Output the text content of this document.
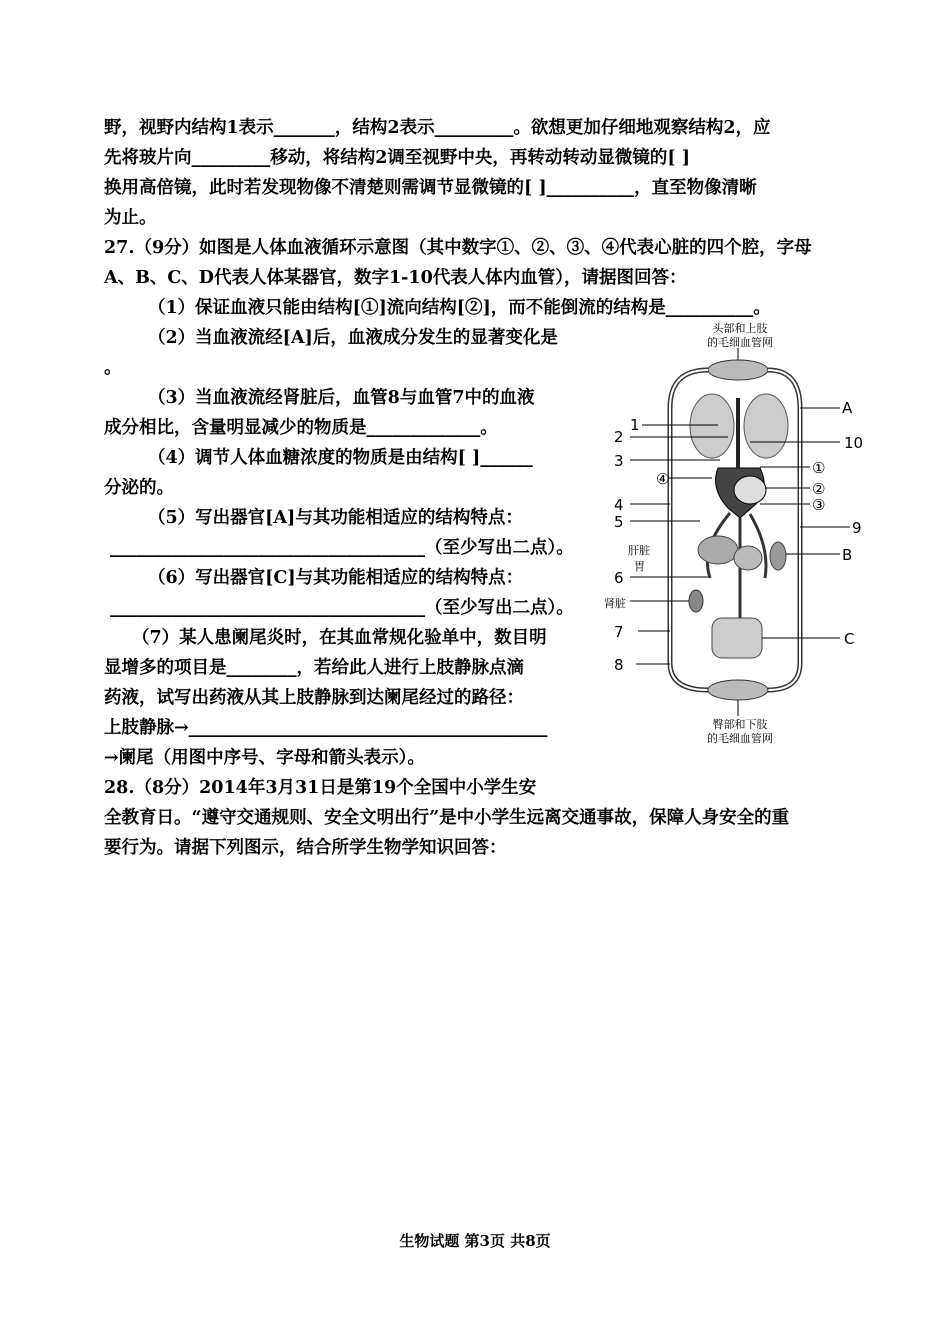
野，视野内结构1表示_______，结构2表示_________。欲想更加仔细地观察结构2，应
先将玻片向_________移动，将结构2调至视野中央，再转动转动显微镜的[ ]
换用高倍镜，此时若发现物像不清楚则需调节显微镜的[ ]__________，直至物像清晰
为止。
27.（9分）如图是人体血液循环示意图（其中数字①、②、③、④代表心脏的四个腔，字母
A、B、C、D代表人体某器官，数字1-10代表人体内血管），请据图回答：
（1）保证血液只能由结构[①]流向结构[②]，而不能倒流的结构是__________。
（2）当血液流经[A]后，血液成分发生的显著变化是
。
（3）当血液流经肾脏后，血管8与血管7中的血液
成分相比，含量明显减少的物质是_____________。
（4）调节人体血糖浓度的物质是由结构[ ]______
分泌的。
（5）写出器官[A]与其功能相适应的结构特点：
____________________________________（至少写出二点）。
（6）写出器官[C]与其功能相适应的结构特点：
____________________________________（至少写出二点）。
（7）某人患阑尾炎时，在其血常规化验单中，数目明
显增多的项目是________，若给此人进行上肢静脉点滴
药液，试写出药液从其上肢静脉到达阑尾经过的路径：
上肢静脉→_________________________________________
→阑尾（用图中序号、字母和箭头表示）。
28.（8分）2014年3月31日是第19个全国中小学生安
全教育日。“遵守交通规则、安全文明出行”是中小学生远离交通事故，保障人身安全的重
要行为。请据下列图示，结合所学生物学知识回答：
头部和上肢
的毛细血管网
臀部和下肢
的毛细血管网
1
2
3
④
4
5
肝脏
胃
6
肾脏
7
8
A
10
①
②
③
9
B
C
生物试题 第3页 共8页
